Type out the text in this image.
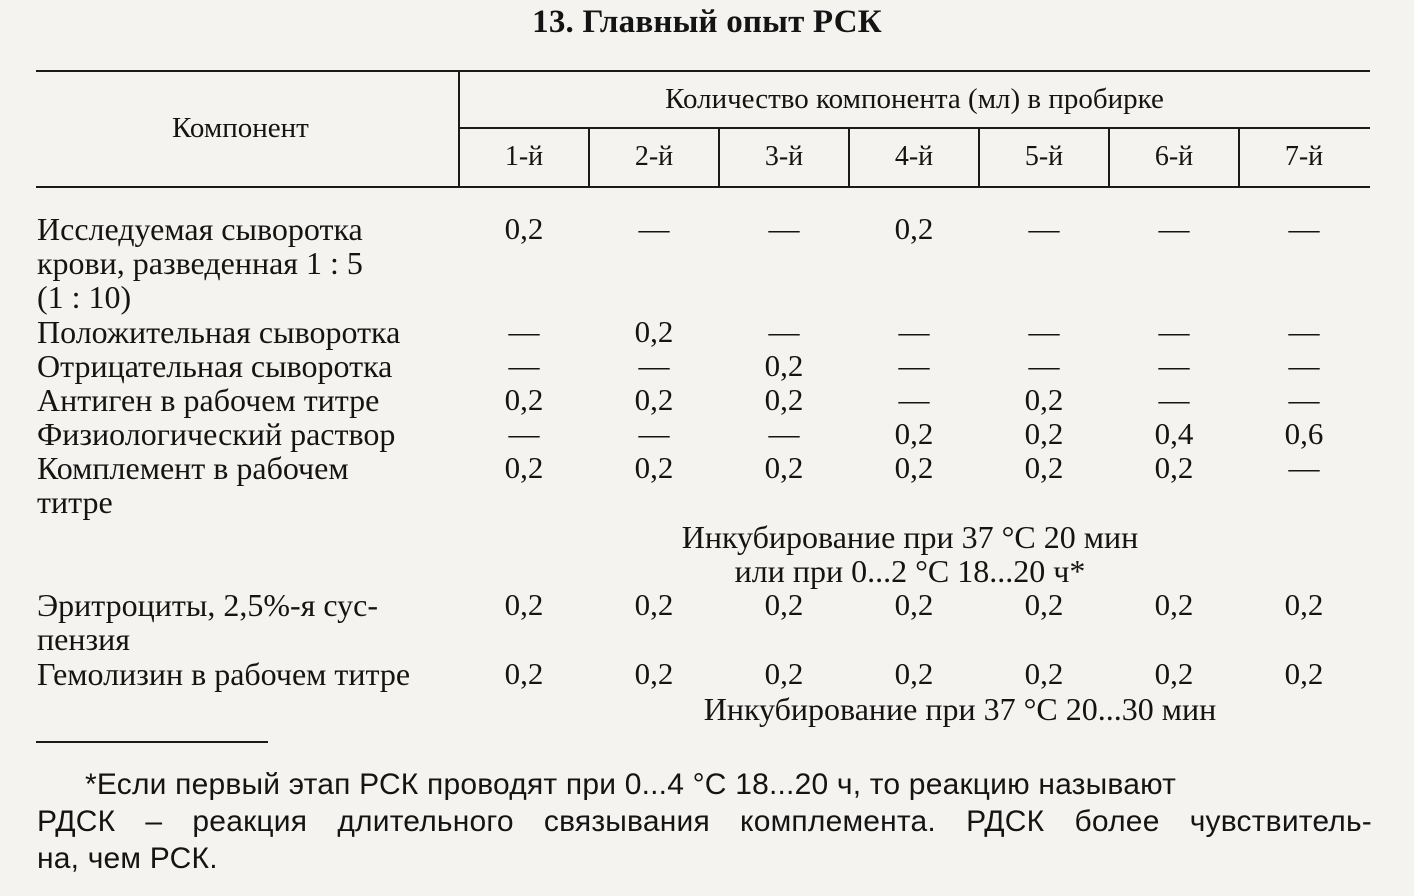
13. Главный опыт РСК
Компонент
Количество компонента (мл) в пробирке
1-й	2-й	3-й	4-й	5-й	6-й	7-й
Исследуемая сыворотка
крови, разведенная 1 : 5
(1 : 10)
0,2	—	—	0,2	—	—	—
Положительная сыворотка	—	0,2	—	—	—	—	—
Отрицательная сыворотка	—	—	0,2	—	—	—	—
Антиген в рабочем титре	0,2	0,2	0,2	—	0,2	—	—
Физиологический раствор	—	—	—	0,2	0,2	0,4	0,6
Комплемент в рабочем
титре
0,2	0,2	0,2	0,2	0,2	0,2	—
Инкубирование при 37 °С 20 мин
или при 0...2 °С 18...20 ч*
Эритроциты, 2,5%-я сус-
пензия
0,2	0,2	0,2	0,2	0,2	0,2	0,2
Гемолизин в рабочем титре	0,2	0,2	0,2	0,2	0,2	0,2	0,2
Инкубирование при 37 °С 20...30 мин
*Если первый этап РСК проводят при 0...4 °С 18...20 ч, то реакцию называют
РДСК – реакция длительного связывания комплемента. РДСК более чувствитель-
на, чем РСК.
